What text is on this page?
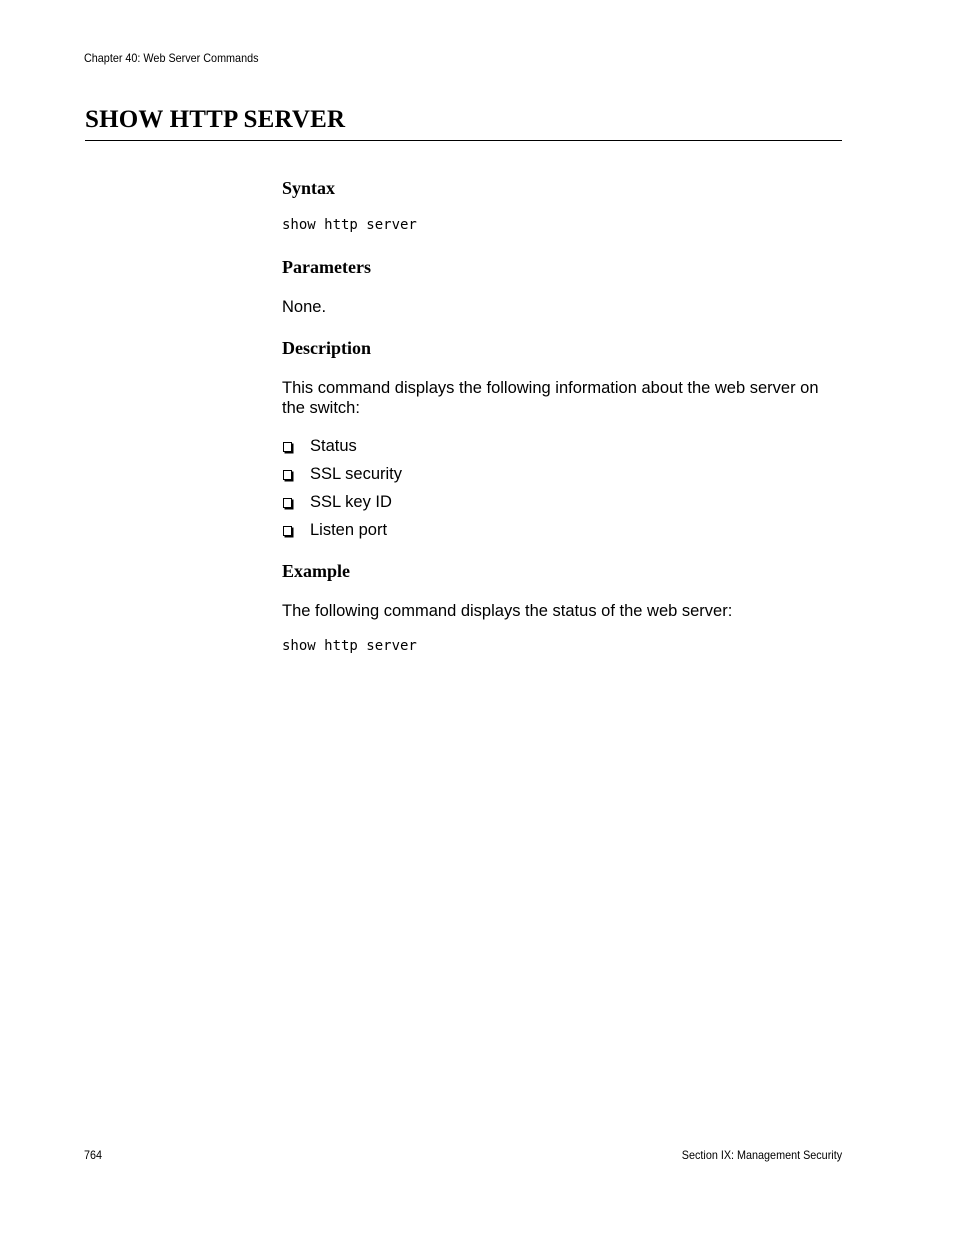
Chapter 40: Web Server Commands
SHOW HTTP SERVER
Syntax
show http server
Parameters

None.

Description

This command displays the following information about the web server on the switch:

Status
SSL security
SSL key ID
Listen port
Example

The following command displays the status of the web server:

show http server
764	Section IX: Management Security
